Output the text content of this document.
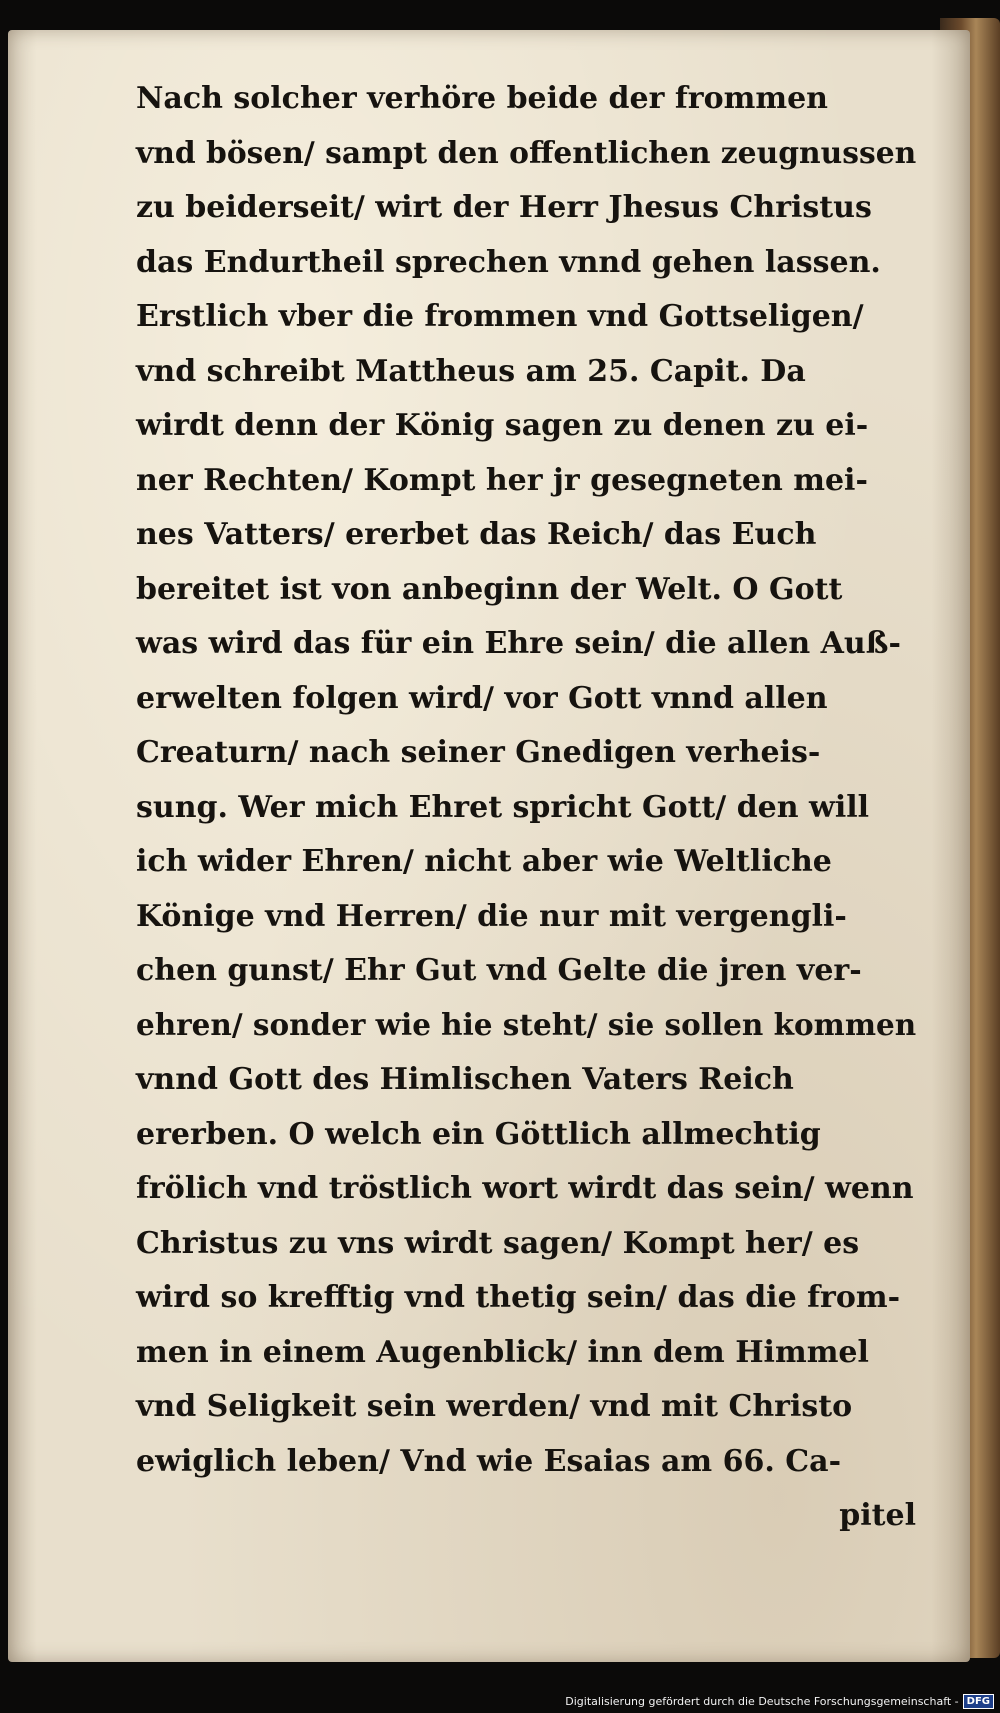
Nach solcher verhöre beide der frommen
vnd bösen/ sampt den offentlichen zeugnussen
zu beiderseit/ wirt der Herr Jhesus Christus
das Endurtheil sprechen vnnd gehen lassen.
Erstlich vber die frommen vnd Gottseligen/
vnd schreibt Mattheus am 25. Capit. Da
wirdt denn der König sagen zu denen zu ei-
ner Rechten/ Kompt her jr gesegneten mei-
nes Vatters/ ererbet das Reich/ das Euch
bereitet ist von anbeginn der Welt. O Gott
was wird das für ein Ehre sein/ die allen Auß-
erwelten folgen wird/ vor Gott vnnd allen
Creaturn/ nach seiner Gnedigen verheis-
sung. Wer mich Ehret spricht Gott/ den will
ich wider Ehren/ nicht aber wie Weltliche
Könige vnd Herren/ die nur mit vergengli-
chen gunst/ Ehr Gut vnd Gelte die jren ver-
ehren/ sonder wie hie steht/ sie sollen kommen
vnnd Gott des Himlischen Vaters Reich
ererben. O welch ein Göttlich allmechtig
frölich vnd tröstlich wort wirdt das sein/ wenn
Christus zu vns wirdt sagen/ Kompt her/ es
wird so krefftig vnd thetig sein/ das die from-
men in einem Augenblick/ inn dem Himmel
vnd Seligkeit sein werden/ vnd mit Christo
ewiglich leben/ Vnd wie Esaias am 66. Ca-
pitel
Digitalisierung gefördert durch die Deutsche Forschungsgemeinschaft - DFG
